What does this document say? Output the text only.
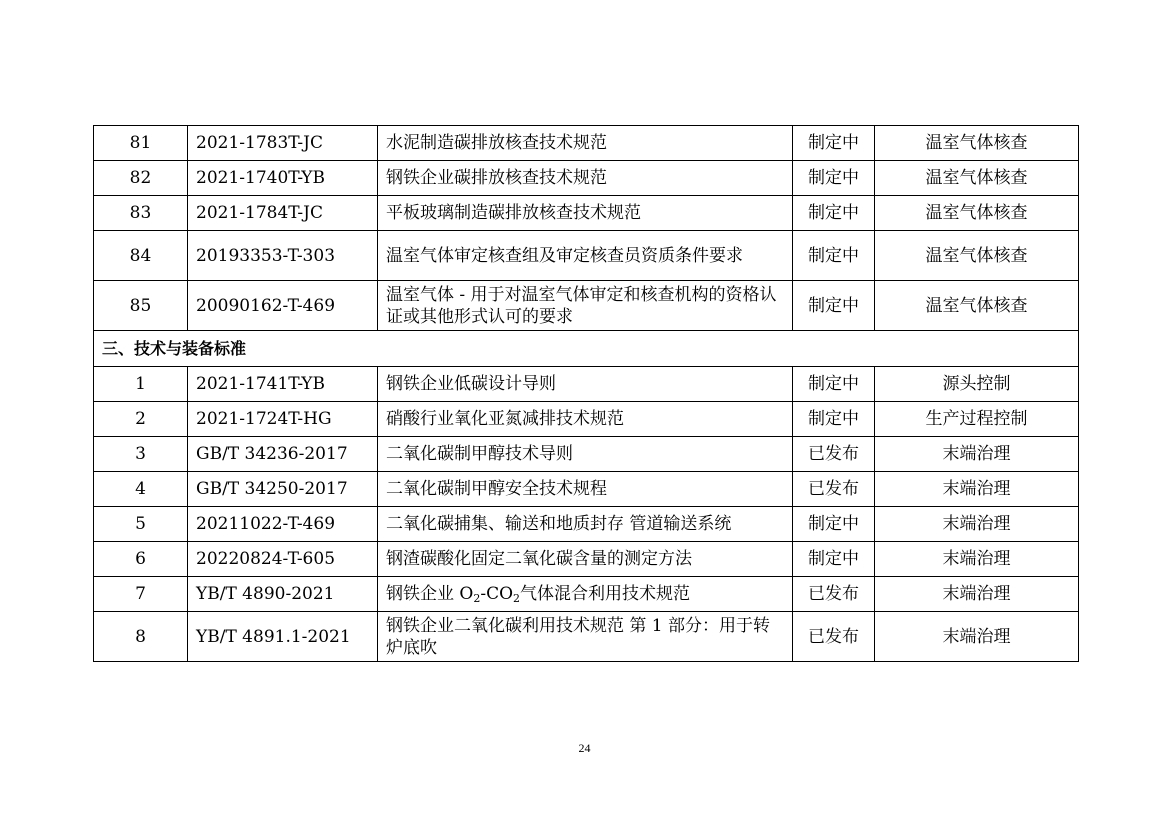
81	2021-1783T-JC	水泥制造碳排放核查技术规范	制定中	温室气体核查
82	2021-1740T-YB	钢铁企业碳排放核查技术规范	制定中	温室气体核查
83	2021-1784T-JC	平板玻璃制造碳排放核查技术规范	制定中	温室气体核查
84	20193353-T-303	温室气体审定核查组及审定核查员资质条件要求	制定中	温室气体核查
85	20090162-T-469	温室气体 - 用于对温室气体审定和核查机构的资格认证或其他形式认可的要求	制定中	温室气体核查
三、技术与装备标准				
1	2021-1741T-YB	钢铁企业低碳设计导则	制定中	源头控制
2	2021-1724T-HG	硝酸行业氧化亚氮减排技术规范	制定中	生产过程控制
3	GB/T 34236-2017	二氧化碳制甲醇技术导则	已发布	末端治理
4	GB/T 34250-2017	二氧化碳制甲醇安全技术规程	已发布	末端治理
5	20211022-T-469	二氧化碳捕集、输送和地质封存 管道输送系统	制定中	末端治理
6	20220824-T-605	钢渣碳酸化固定二氧化碳含量的测定方法	制定中	末端治理
7	YB/T 4890-2021	钢铁企业 $O_2-CO_2$气体混合利用技术规范	已发布	末端治理
8	YB/T 4891.1-2021	钢铁企业二氧化碳利用技术规范 第 1 部分：用于转炉底吹	已发布	末端治理
24
